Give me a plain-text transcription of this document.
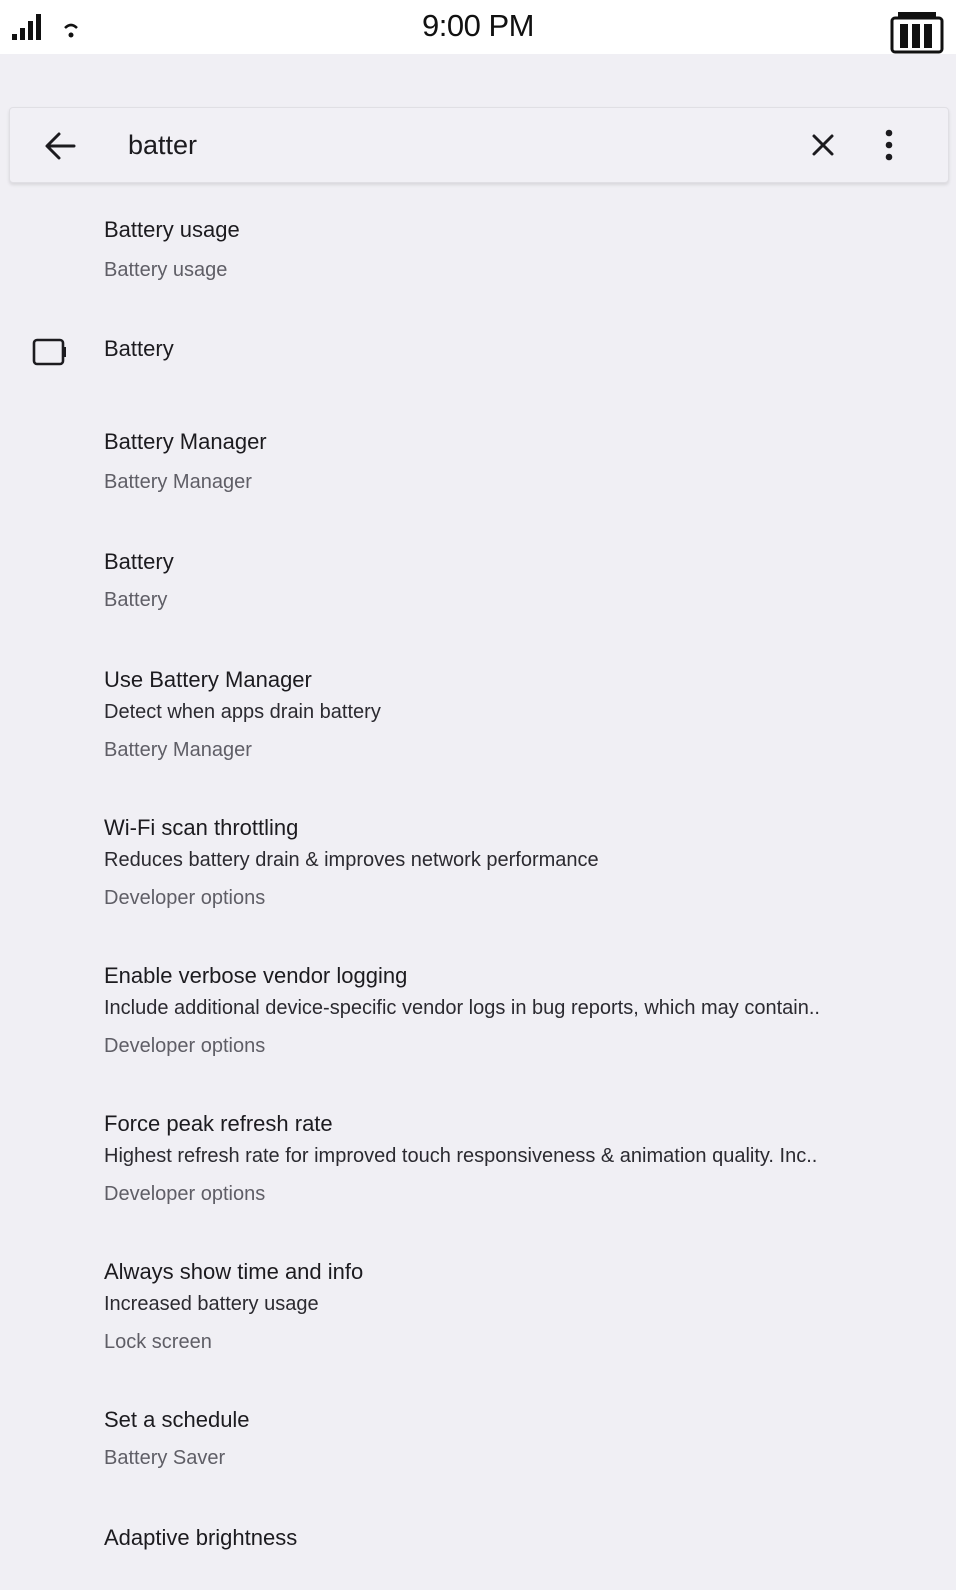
9:00 PM
batter
Battery usage
Battery usage
Battery
Battery Manager
Battery Manager
Battery
Battery
Use Battery Manager
Detect when apps drain battery
Battery Manager
Wi-Fi scan throttling
Reduces battery drain & improves network performance
Developer options
Enable verbose vendor logging
Include additional device-specific vendor logs in bug reports, which may contain..
Developer options
Force peak refresh rate
Highest refresh rate for improved touch responsiveness & animation quality. Inc..
Developer options
Always show time and info
Increased battery usage
Lock screen
Set a schedule
Battery Saver
Adaptive brightness
